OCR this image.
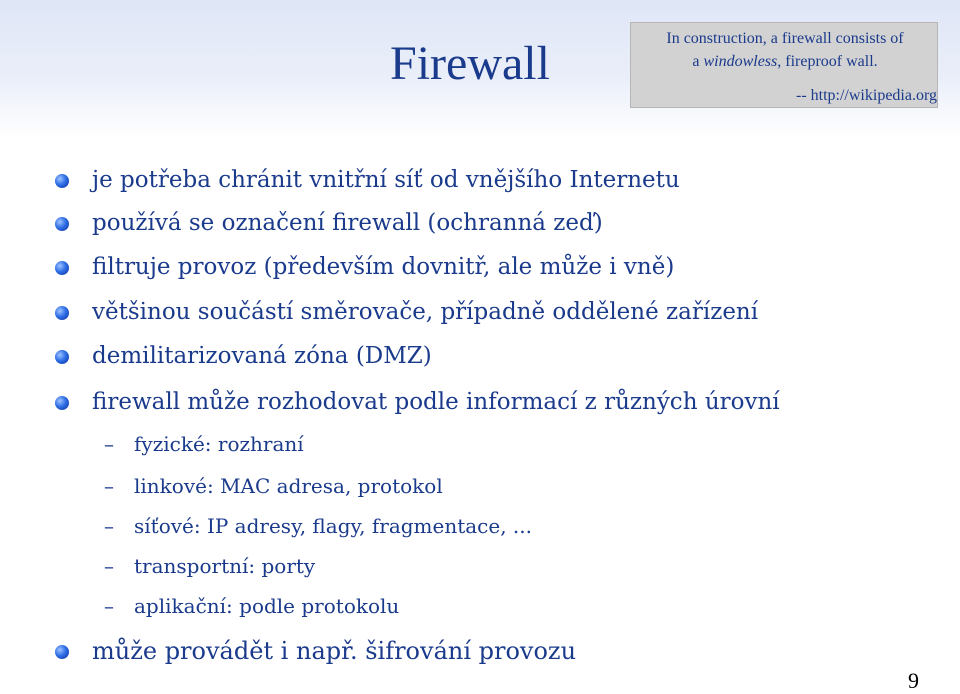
Firewall	In construction, a firewall consists of
a windowless, fireproof wall.
-- http://wikipedia.org
je potřeba chránit vnitřní síť od vnějšího Internetu
používá se označení firewall (ochranná zeď)
filtruje provoz (především dovnitř, ale může i vně)
většinou součástí směrovače, případně oddělené zařízení
demilitarizovaná zóna (DMZ)
firewall může rozhodovat podle informací z různých úrovní
– fyzické: rozhraní
– linkové: MAC adresa, protokol
– síťové: IP adresy, flagy, fragmentace, ...
– transportní: porty
– aplikační: podle protokolu
může provádět i např. šifrování provozu
9
